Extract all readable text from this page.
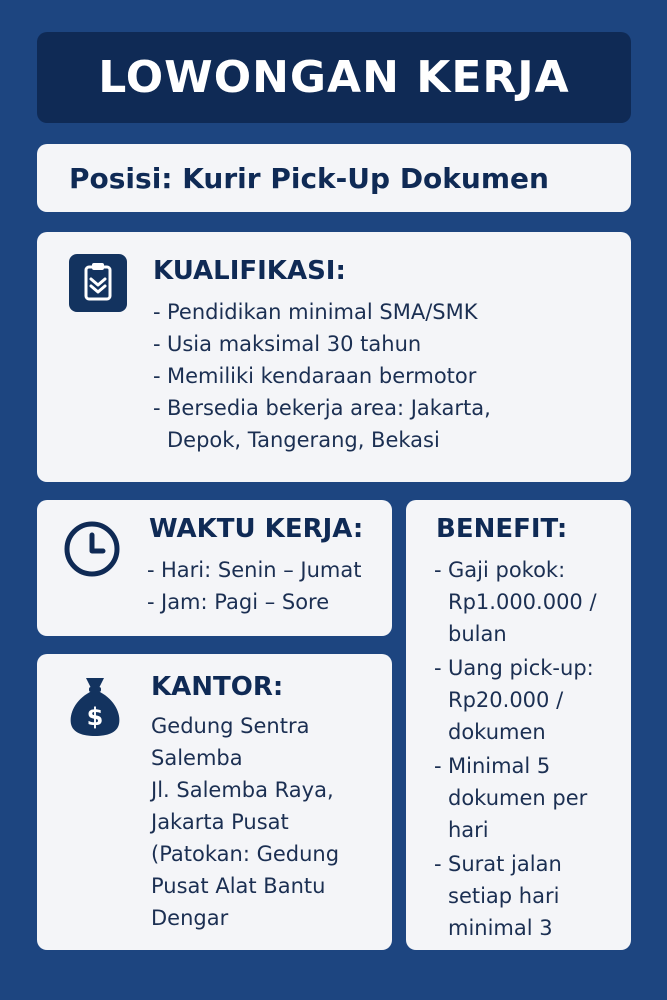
LOWONGAN KERJA
Posisi: Kurir Pick-Up Dokumen
KUALIFIKASI:
- Pendidikan minimal SMA/SMK
- Usia maksimal 30 tahun
- Memiliki kendaraan bermotor
- Bersedia bekerja area: Jakarta,
Depok, Tangerang, Bekasi
WAKTU KERJA:
- Hari: Senin – Jumat
- Jam: Pagi – Sore
$
KANTOR:
Gedung Sentra
Salemba
Jl. Salemba Raya,
Jakarta Pusat
(Patokan: Gedung
Pusat Alat Bantu
Dengar
BENEFIT:
- Gaji pokok:
Rp1.000.000 /
bulan
- Uang pick-up:
Rp20.000 /
dokumen
- Minimal 5
dokumen per
hari
- Surat jalan
setiap hari
minimal 3
